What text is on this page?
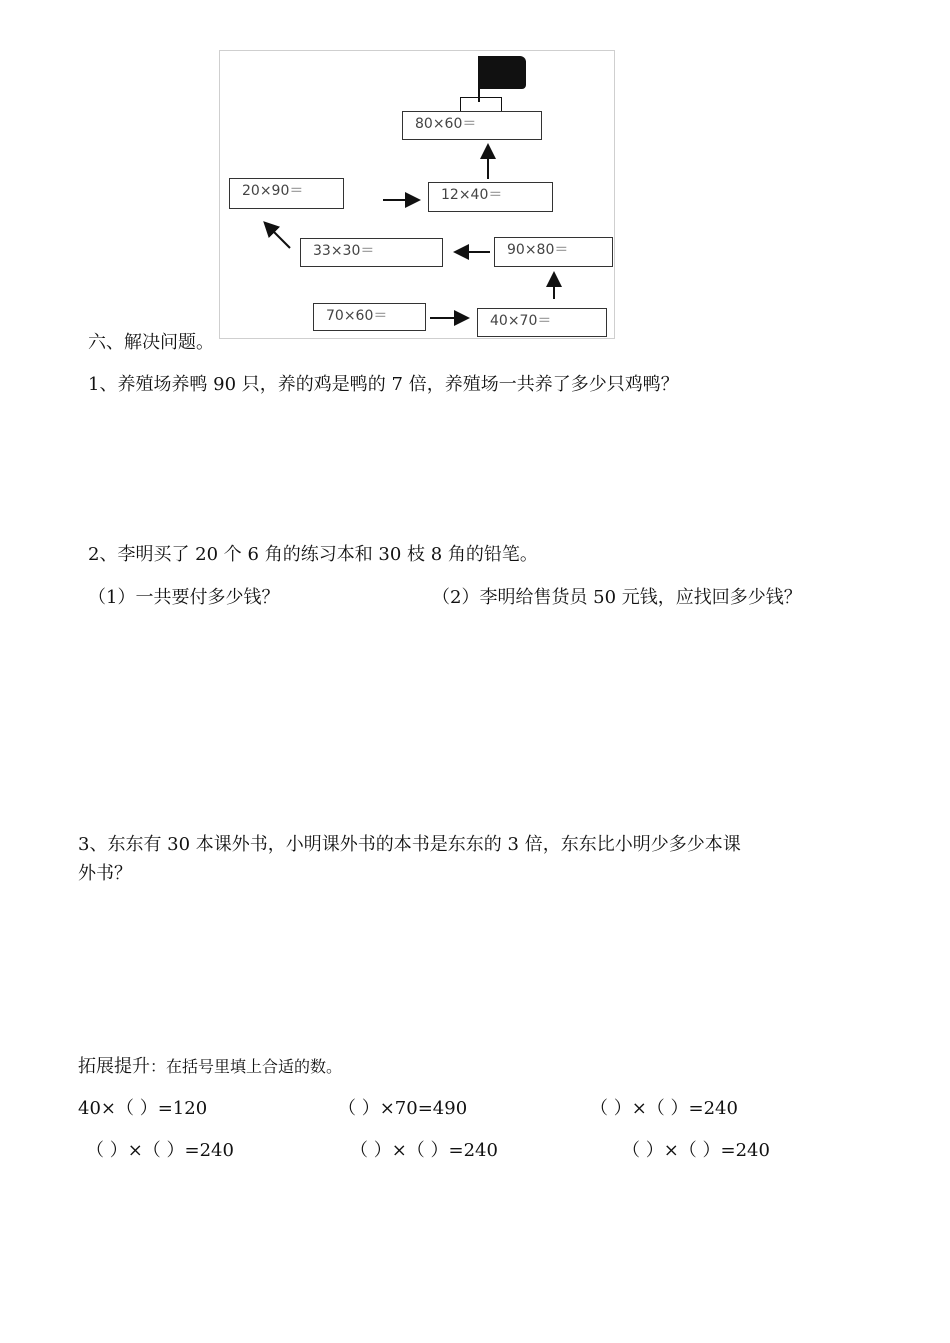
80×60＝
20×90＝	12×40＝
33×30＝	90×80＝
70×60＝	40×70＝
六、解决问题。
1、养殖场养鸭 90 只，养的鸡是鸭的 7 倍，养殖场一共养了多少只鸡鸭？
2、李明买了 20 个 6 角的练习本和 30 枝 8 角的铅笔。
（1）一共要付多少钱？	（2）李明给售货员 50 元钱，应找回多少钱？
3、东东有 30 本课外书，小明课外书的本书是东东的 3 倍，东东比小明少多少本课
外书？
拓展提升：在括号里填上合适的数。
40×（ ）=120	（ ）×70=490	（ ）×（ ）=240
（ ）×（ ）=240	（ ）×（ ）=240	（ ）×（ ）=240
